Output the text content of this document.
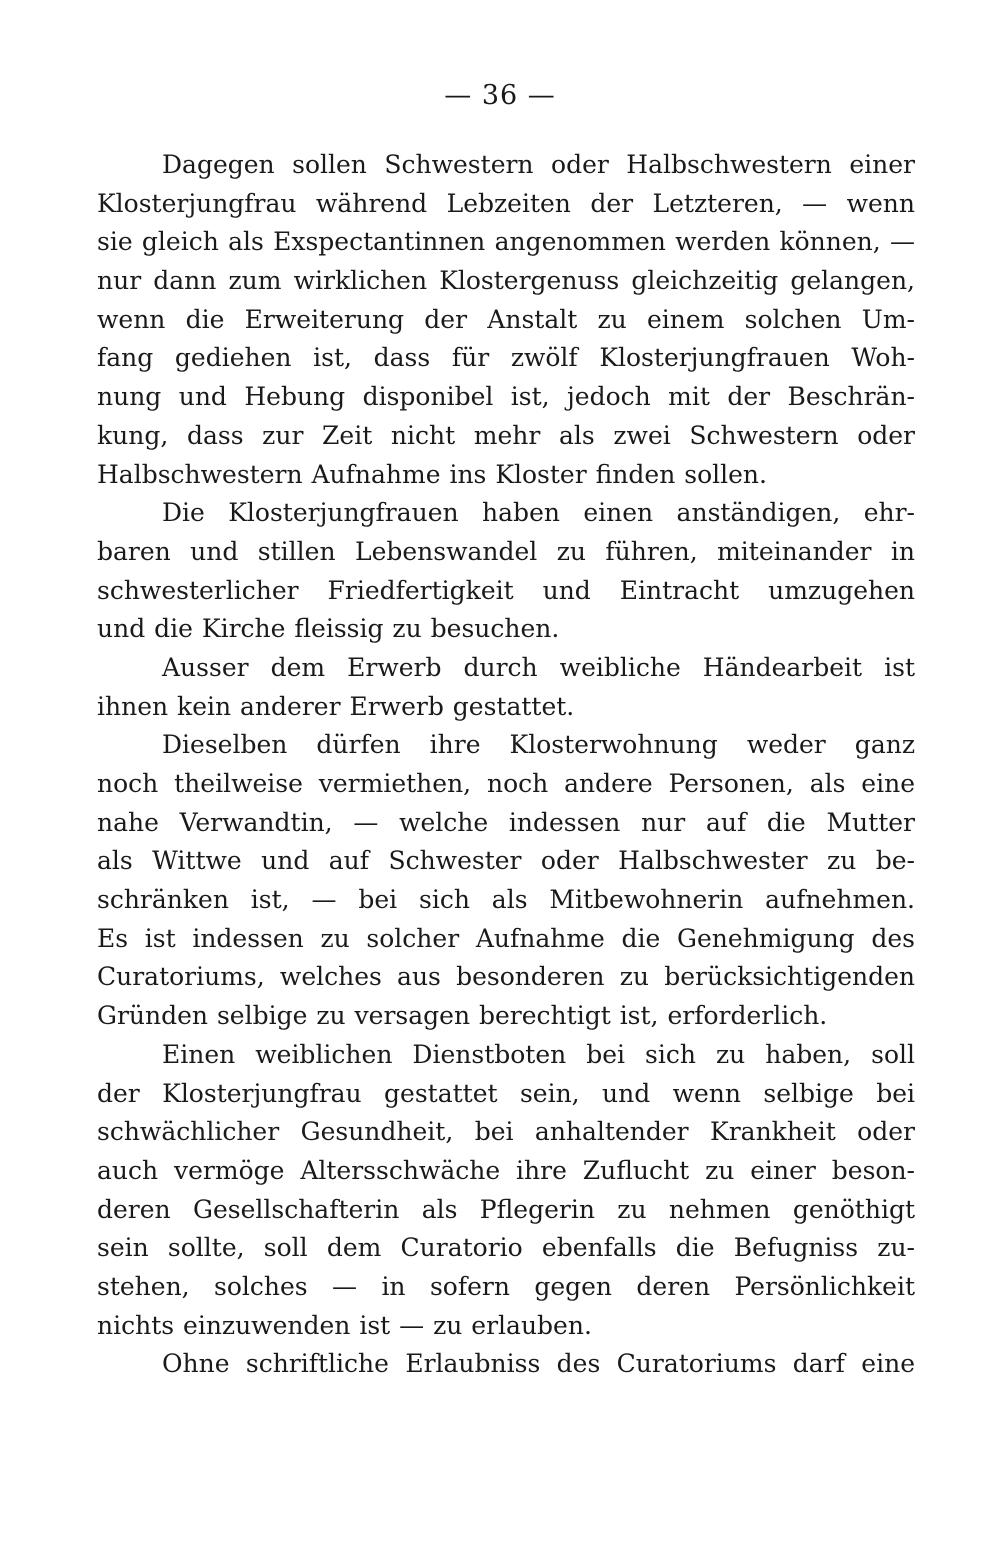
— 36 —
Dagegen sollen Schwestern oder Halbschwestern einer
Klosterjungfrau während Lebzeiten der Letzteren, — wenn
sie gleich als Exspectantinnen angenommen werden können, —
nur dann zum wirklichen Klostergenuss gleichzeitig gelangen,
wenn die Erweiterung der Anstalt zu einem solchen Um-
fang gediehen ist, dass für zwölf Klosterjungfrauen Woh-
nung und Hebung disponibel ist, jedoch mit der Beschrän-
kung, dass zur Zeit nicht mehr als zwei Schwestern oder
Halbschwestern Aufnahme ins Kloster finden sollen.
Die Klosterjungfrauen haben einen anständigen, ehr-
baren und stillen Lebenswandel zu führen, miteinander in
schwesterlicher Friedfertigkeit und Eintracht umzugehen
und die Kirche fleissig zu besuchen.
Ausser dem Erwerb durch weibliche Händearbeit ist
ihnen kein anderer Erwerb gestattet.
Dieselben dürfen ihre Klosterwohnung weder ganz
noch theilweise vermiethen, noch andere Personen, als eine
nahe Verwandtin, — welche indessen nur auf die Mutter
als Wittwe und auf Schwester oder Halbschwester zu be-
schränken ist, — bei sich als Mitbewohnerin aufnehmen.
Es ist indessen zu solcher Aufnahme die Genehmigung des
Curatoriums, welches aus besonderen zu berücksichtigenden
Gründen selbige zu versagen berechtigt ist, erforderlich.
Einen weiblichen Dienstboten bei sich zu haben, soll
der Klosterjungfrau gestattet sein, und wenn selbige bei
schwächlicher Gesundheit, bei anhaltender Krankheit oder
auch vermöge Altersschwäche ihre Zuflucht zu einer beson-
deren Gesellschafterin als Pflegerin zu nehmen genöthigt
sein sollte, soll dem Curatorio ebenfalls die Befugniss zu-
stehen, solches — in sofern gegen deren Persönlichkeit
nichts einzuwenden ist — zu erlauben.
Ohne schriftliche Erlaubniss des Curatoriums darf eine
